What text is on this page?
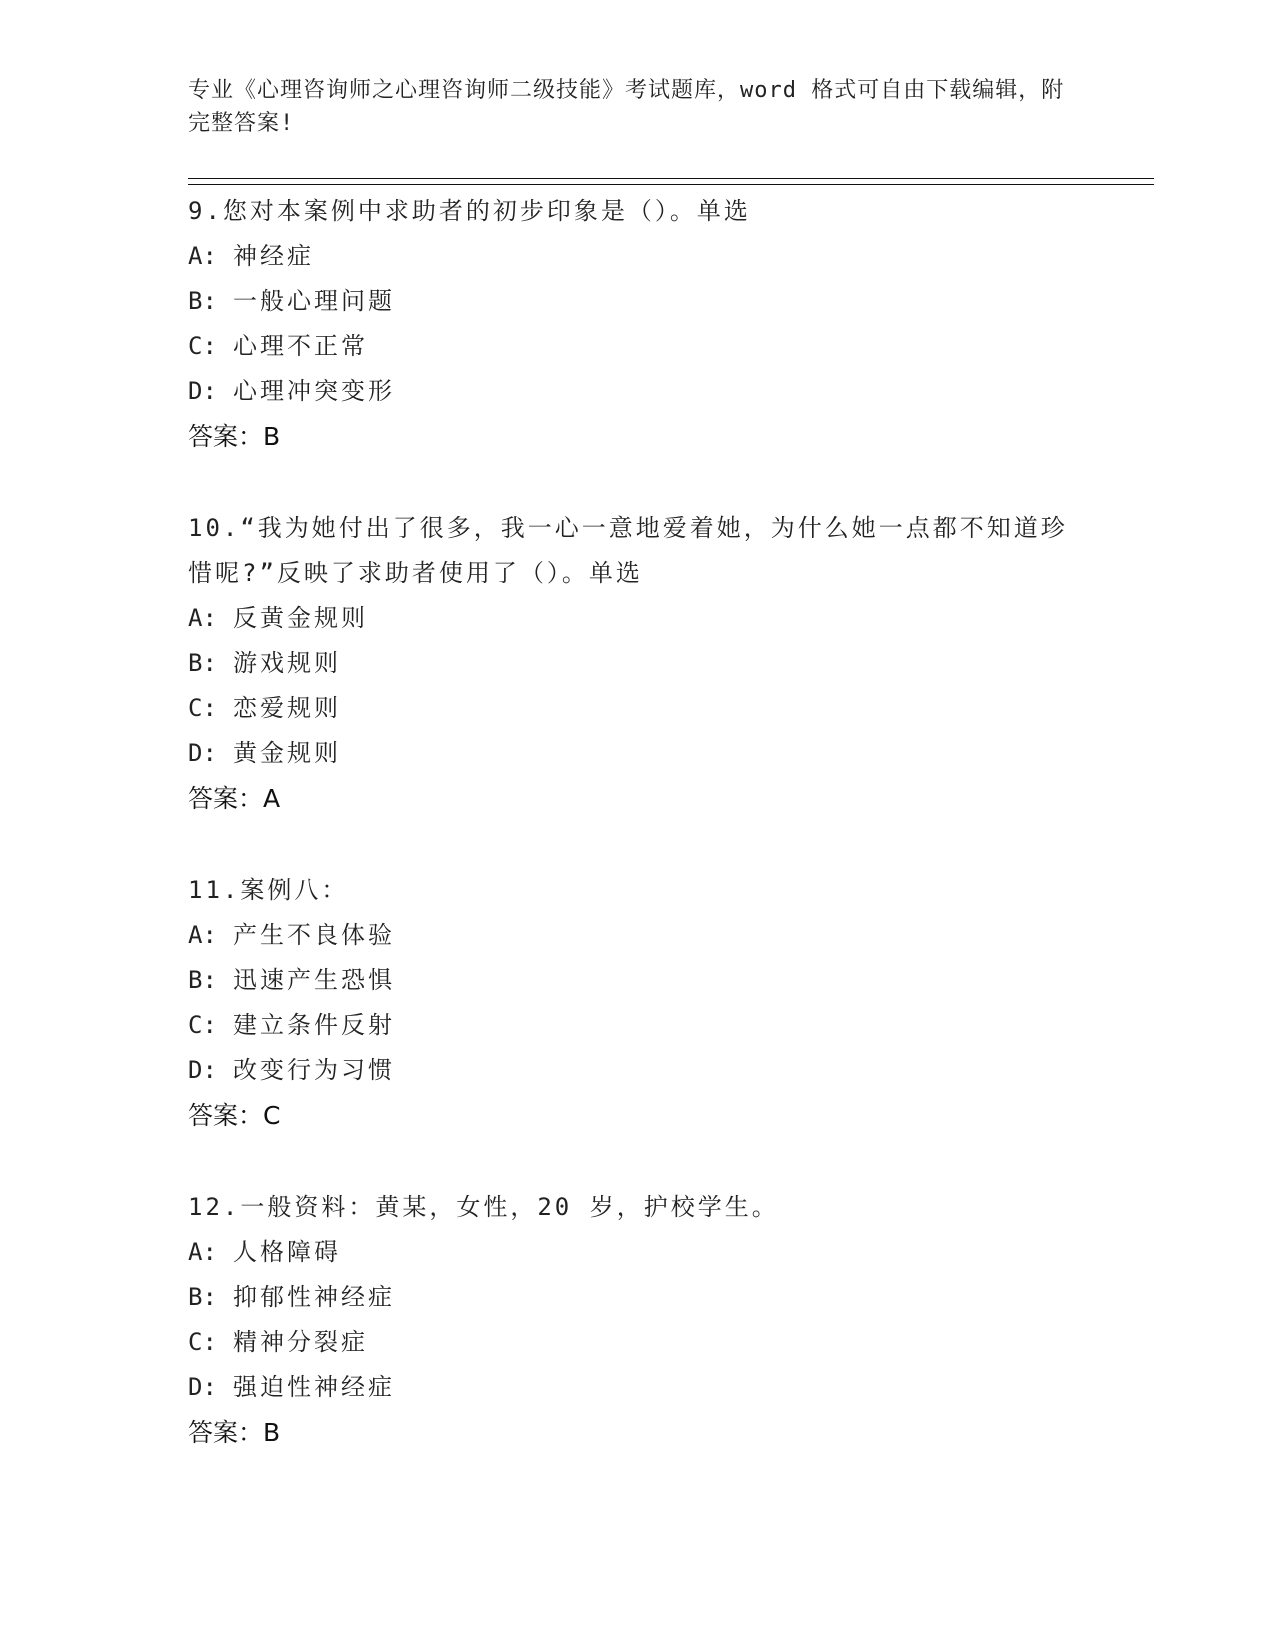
专业《心理咨询师之心理咨询师二级技能》考试题库，word 格式可自由下载编辑，附完整答案!
9.您对本案例中求助者的初步印象是（）。单选
A: 神经症
B: 一般心理问题
C: 心理不正常
D: 心理冲突变形
答案：B
10.“我为她付出了很多，我一心一意地爱着她，为什么她一点都不知道珍惜呢?”反映了求助者使用了（）。单选
A: 反黄金规则
B: 游戏规则
C: 恋爱规则
D: 黄金规则
答案：A
11.案例八：
A: 产生不良体验
B: 迅速产生恐惧
C: 建立条件反射
D: 改变行为习惯
答案：C
12.一般资料：黄某，女性，20 岁，护校学生。
A: 人格障碍
B: 抑郁性神经症
C: 精神分裂症
D: 强迫性神经症
答案：B
